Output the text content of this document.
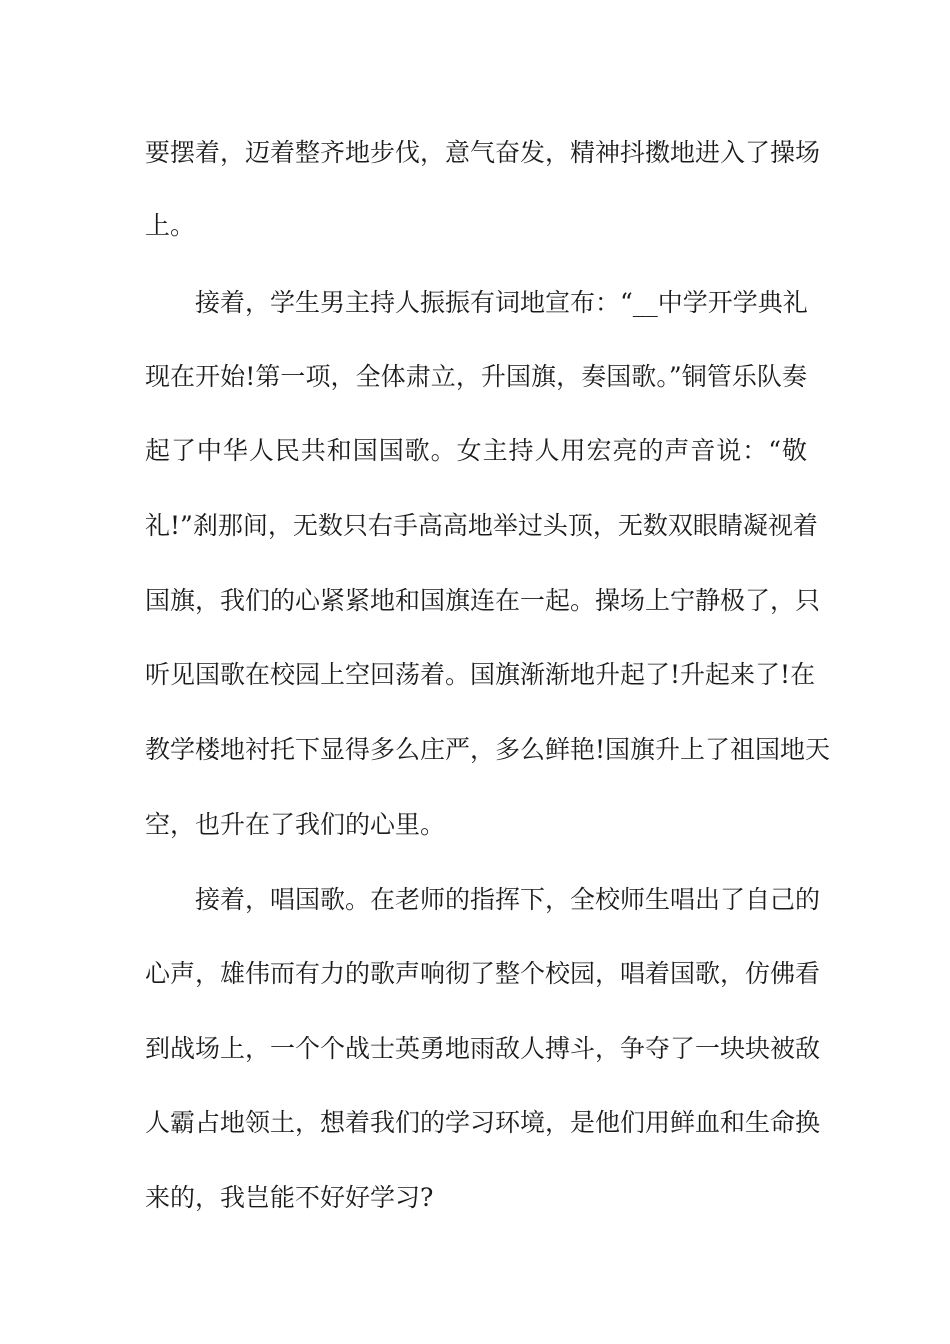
要摆着，迈着整齐地步伐，意气奋发，精神抖擞地进入了操场
上。
接着，学生男主持人振振有词地宣布：“__中学开学典礼
现在开始!第一项，全体肃立，升国旗，奏国歌。”铜管乐队奏
起了中华人民共和国国歌。女主持人用宏亮的声音说：“敬
礼!”刹那间，无数只右手高高地举过头顶，无数双眼睛凝视着
国旗，我们的心紧紧地和国旗连在一起。操场上宁静极了，只
听见国歌在校园上空回荡着。国旗渐渐地升起了!升起来了!在
教学楼地衬托下显得多么庄严，多么鲜艳!国旗升上了祖国地天
空，也升在了我们的心里。
接着，唱国歌。在老师的指挥下，全校师生唱出了自己的
心声，雄伟而有力的歌声响彻了整个校园，唱着国歌，仿佛看
到战场上，一个个战士英勇地雨敌人搏斗，争夺了一块块被敌
人霸占地领土，想着我们的学习环境，是他们用鲜血和生命换
来的，我岂能不好好学习?
